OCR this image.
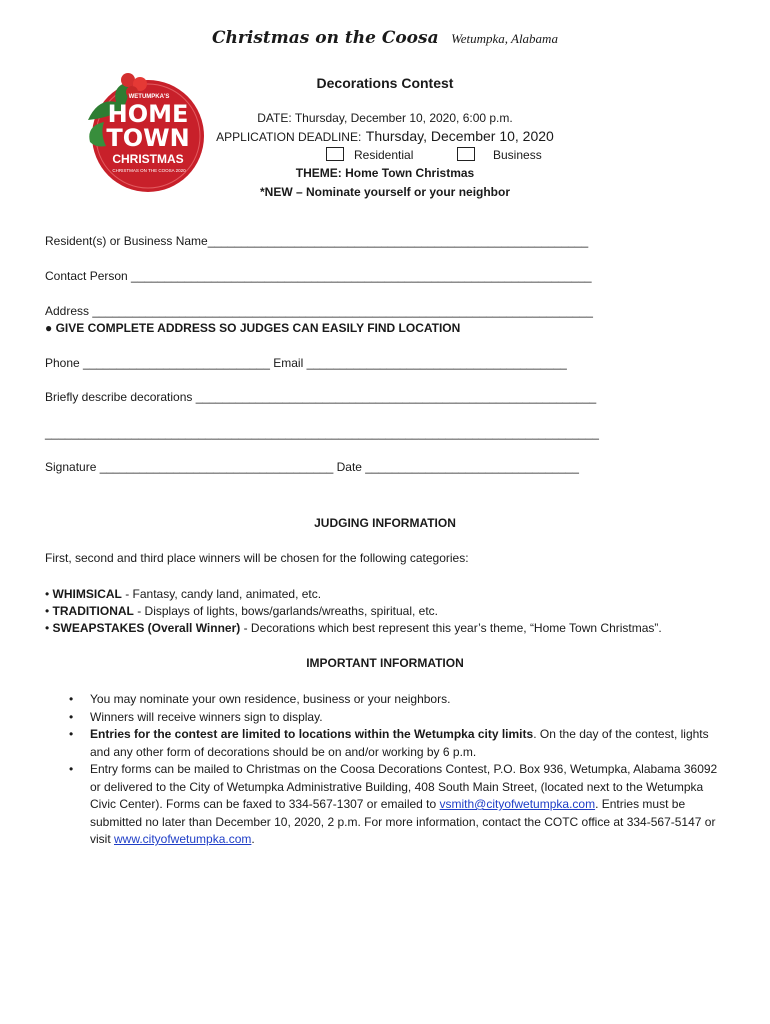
Christmas on the Coosa Wetumpka, Alabama
WETUMPKA'S
HOME
TOWN
CHRISTMAS
CHRISTMAS ON THE COOSA 2020
Decorations Contest
DATE: Thursday, December 10, 2020, 6:00 p.m.
APPLICATION DEADLINE: Thursday, December 10, 2020
Residential	Business
THEME: Home Town Christmas
*NEW – Nominate yourself or your neighbor
Resident(s) or Business Name_________________________________________________________
Contact Person _____________________________________________________________________
Address ___________________________________________________________________________
● GIVE COMPLETE ADDRESS SO JUDGES CAN EASILY FIND LOCATION
Phone ____________________________ Email _______________________________________
Briefly describe decorations ____________________________________________________________
___________________________________________________________________________________
Signature ___________________________________ Date ________________________________
JUDGING INFORMATION
First, second and third place winners will be chosen for the following categories:
• WHIMSICAL - Fantasy, candy land, animated, etc.
• TRADITIONAL - Displays of lights, bows/garlands/wreaths, spiritual, etc.
• SWEAPSTAKES (Overall Winner) - Decorations which best represent this year’s theme, “Home Town Christmas”.
IMPORTANT INFORMATION
• You may nominate your own residence, business or your neighbors.
• Winners will receive winners sign to display.
• Entries for the contest are limited to locations within the Wetumpka city limits. On the day of the contest, lights and any other form of decorations should be on and/or working by 6 p.m.
• Entry forms can be mailed to Christmas on the Coosa Decorations Contest, P.O. Box 936, Wetumpka, Alabama 36092 or delivered to the City of Wetumpka Administrative Building, 408 South Main Street, (located next to the Wetumpka Civic Center). Forms can be faxed to 334-567-1307 or emailed to vsmith@cityofwetumpka.com. Entries must be submitted no later than December 10, 2020, 2 p.m. For more information, contact the COTC office at 334-567-5147 or visit www.cityofwetumpka.com.
